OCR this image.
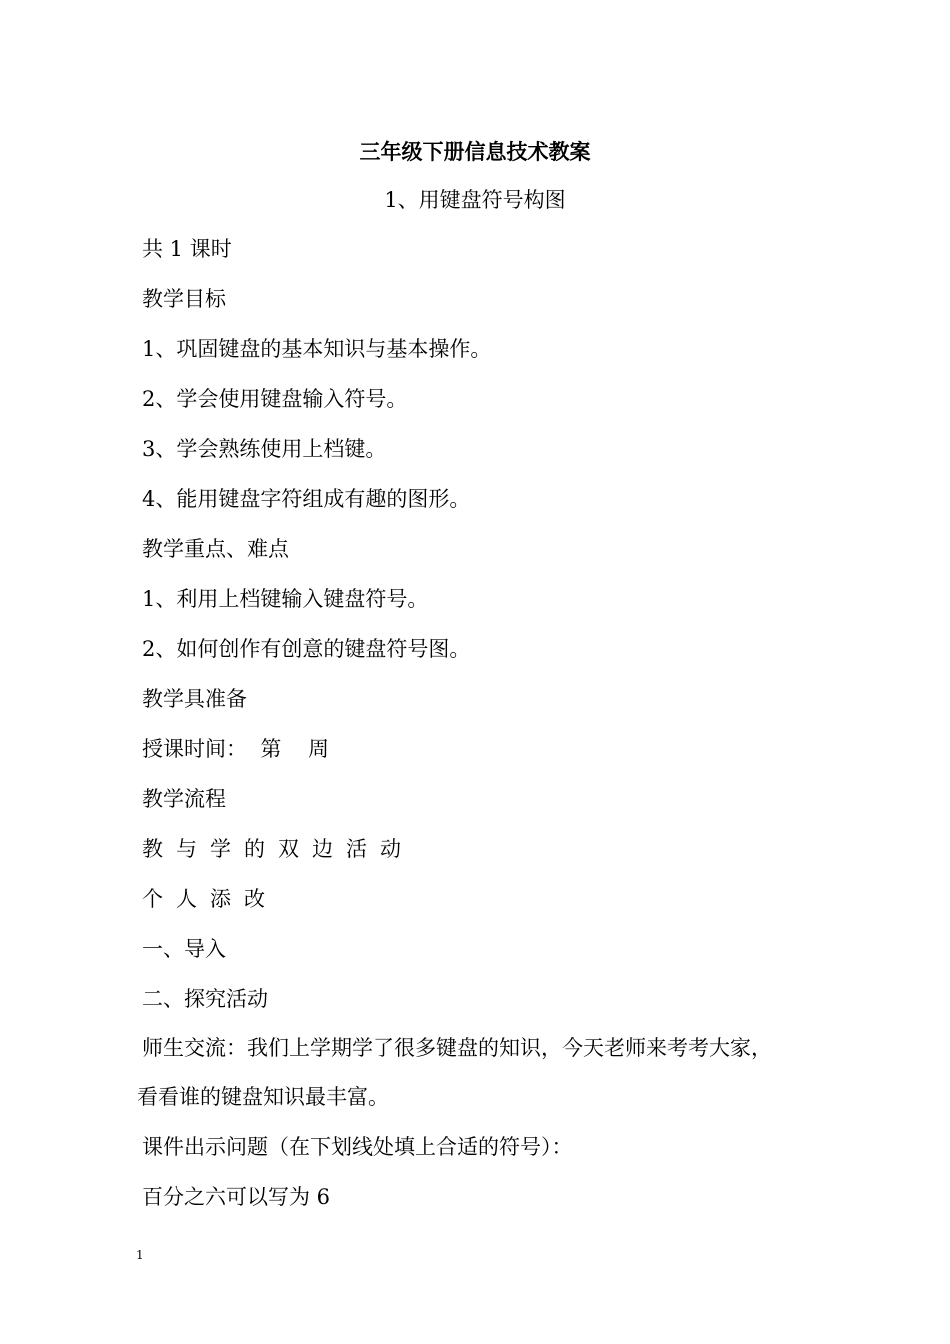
三年级下册信息技术教案
1、用键盘符号构图
共 1 课时
教学目标
1、巩固键盘的基本知识与基本操作。
2、学会使用键盘输入符号。
3、学会熟练使用上档键。
4、能用键盘字符组成有趣的图形。
教学重点、难点
1、利用上档键输入键盘符号。
2、如何创作有创意的键盘符号图。
教学具准备
授课时间：  第    周
教学流程
教与学的双边活动
个人添改
一、导入
二、探究活动
师生交流：我们上学期学了很多键盘的知识，今天老师来考考大家，
看看谁的键盘知识最丰富。
课件出示问题（在下划线处填上合适的符号）：
百分之六可以写为 6
1
